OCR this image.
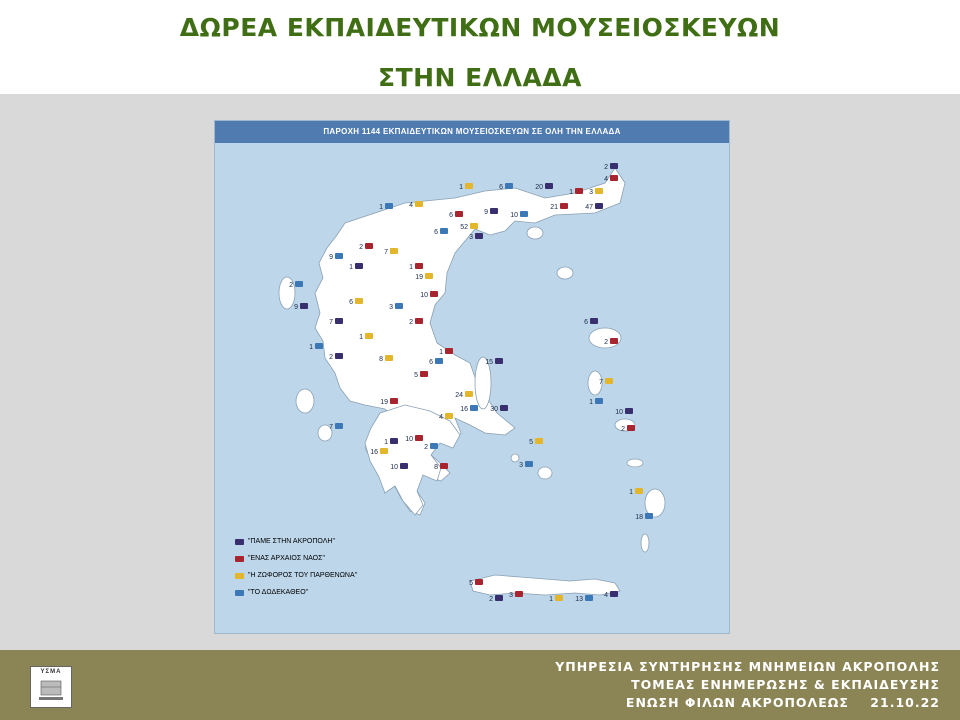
ΔΩΡΕΑ ΕΚΠΑΙΔΕΥΤΙΚΩΝ ΜΟΥΣΕΙΟΣΚΕΥΩΝ
ΣΤΗΝ ΕΛΛΑΔΑ
ΠΑΡΟΧΗ 1144 ΕΚΠΑΙΔΕΥΤΙΚΩΝ ΜΟΥΣΕΙΟΣΚΕΥΩΝ ΣΕ ΟΛΗ ΤΗΝ ΕΛΛΑΔΑ
2
4
1	6	20
1 3
1	47
21
4
10
9
6
52
6
3
2
7
9
1	1
19
2
9
10
6
3
7	2
1
1
2
1
8	6	15
5
24
16	30
19
4
7
1 10
16
2
10	8
5
3
6
2
7
1
10
2
1
18
2
3
1	13
4
5
"ΠΑΜΕ ΣΤΗΝ ΑΚΡΟΠΟΛΗ"
"ΕΝΑΣ ΑΡΧΑΙΟΣ ΝΑΟΣ"
"Η ΖΩΦΟΡΟΣ ΤΟΥ ΠΑΡΘΕΝΩΝΑ"
"ΤΟ ΔΩΔΕΚΑΘΕΟ"
ΥΣΜΑ	ΥΠΗΡΕΣΙΑ ΣΥΝΤΗΡΗΣΗΣ ΜΝΗΜΕΙΩΝ ΑΚΡΟΠΟΛΗΣ
ΤΟΜΕΑΣ ΕΝΗΜΕΡΩΣΗΣ & ΕΚΠΑΙΔΕΥΣΗΣ
ΕΝΩΣΗ ΦΙΛΩΝ ΑΚΡΟΠΟΛΕΩΣ    21.10.22
